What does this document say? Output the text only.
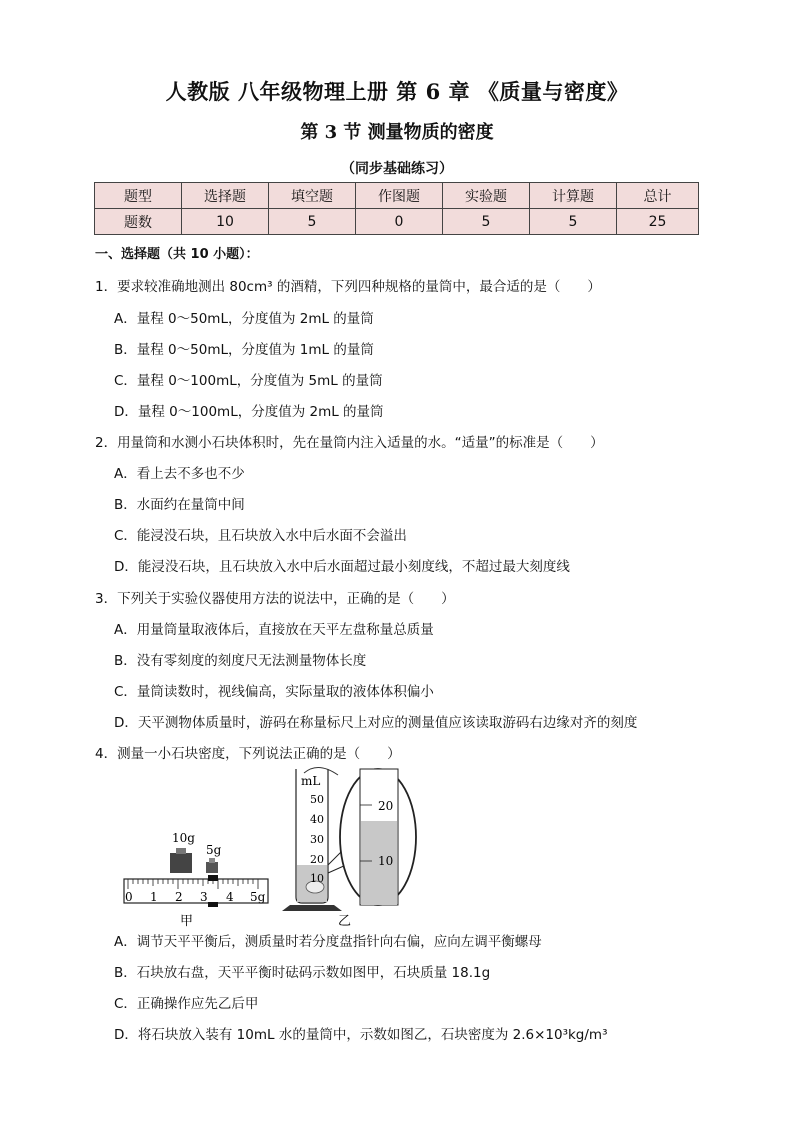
人教版 八年级物理上册 第 6 章 《质量与密度》
第 3 节 测量物质的密度
（同步基础练习）
题型	选择题	填空题	作图题	实验题	计算题	总计
题数	10	5	0	5	5	25
一、选择题（共 10 小题）：
1．要求较准确地测出 80cm³ 的酒精，下列四种规格的量筒中，最合适的是（　　）
A．量程 0～50mL，分度值为 2mL 的量筒
B．量程 0～50mL，分度值为 1mL 的量筒
C．量程 0～100mL，分度值为 5mL 的量筒
D．量程 0～100mL，分度值为 2mL 的量筒
2．用量筒和水测小石块体积时，先在量筒内注入适量的水。“适量”的标准是（　　）
A．看上去不多也不少
B．水面约在量筒中间
C．能浸没石块，且石块放入水中后水面不会溢出
D．能浸没石块，且石块放入水中后水面超过最小刻度线，不超过最大刻度线
3．下列关于实验仪器使用方法的说法中，正确的是（　　）
A．用量筒量取液体后，直接放在天平左盘称量总质量
B．没有零刻度的刻度尺无法测量物体长度
C．量筒读数时，视线偏高，实际量取的液体体积偏小
D．天平测物体质量时，游码在称量标尺上对应的测量值应该读取游码右边缘对齐的刻度
4．测量一小石块密度，下列说法正确的是（　　）
10g
5g
0 1 2 3 4 5g
甲
mL
50
40
30
20
10
20
10
乙
A．调节天平平衡后，测质量时若分度盘指针向右偏，应向左调平衡螺母
B．石块放右盘，天平平衡时砝码示数如图甲，石块质量 18.1g
C．正确操作应先乙后甲
D．将石块放入装有 10mL 水的量筒中，示数如图乙，石块密度为 2.6×10³kg/m³
